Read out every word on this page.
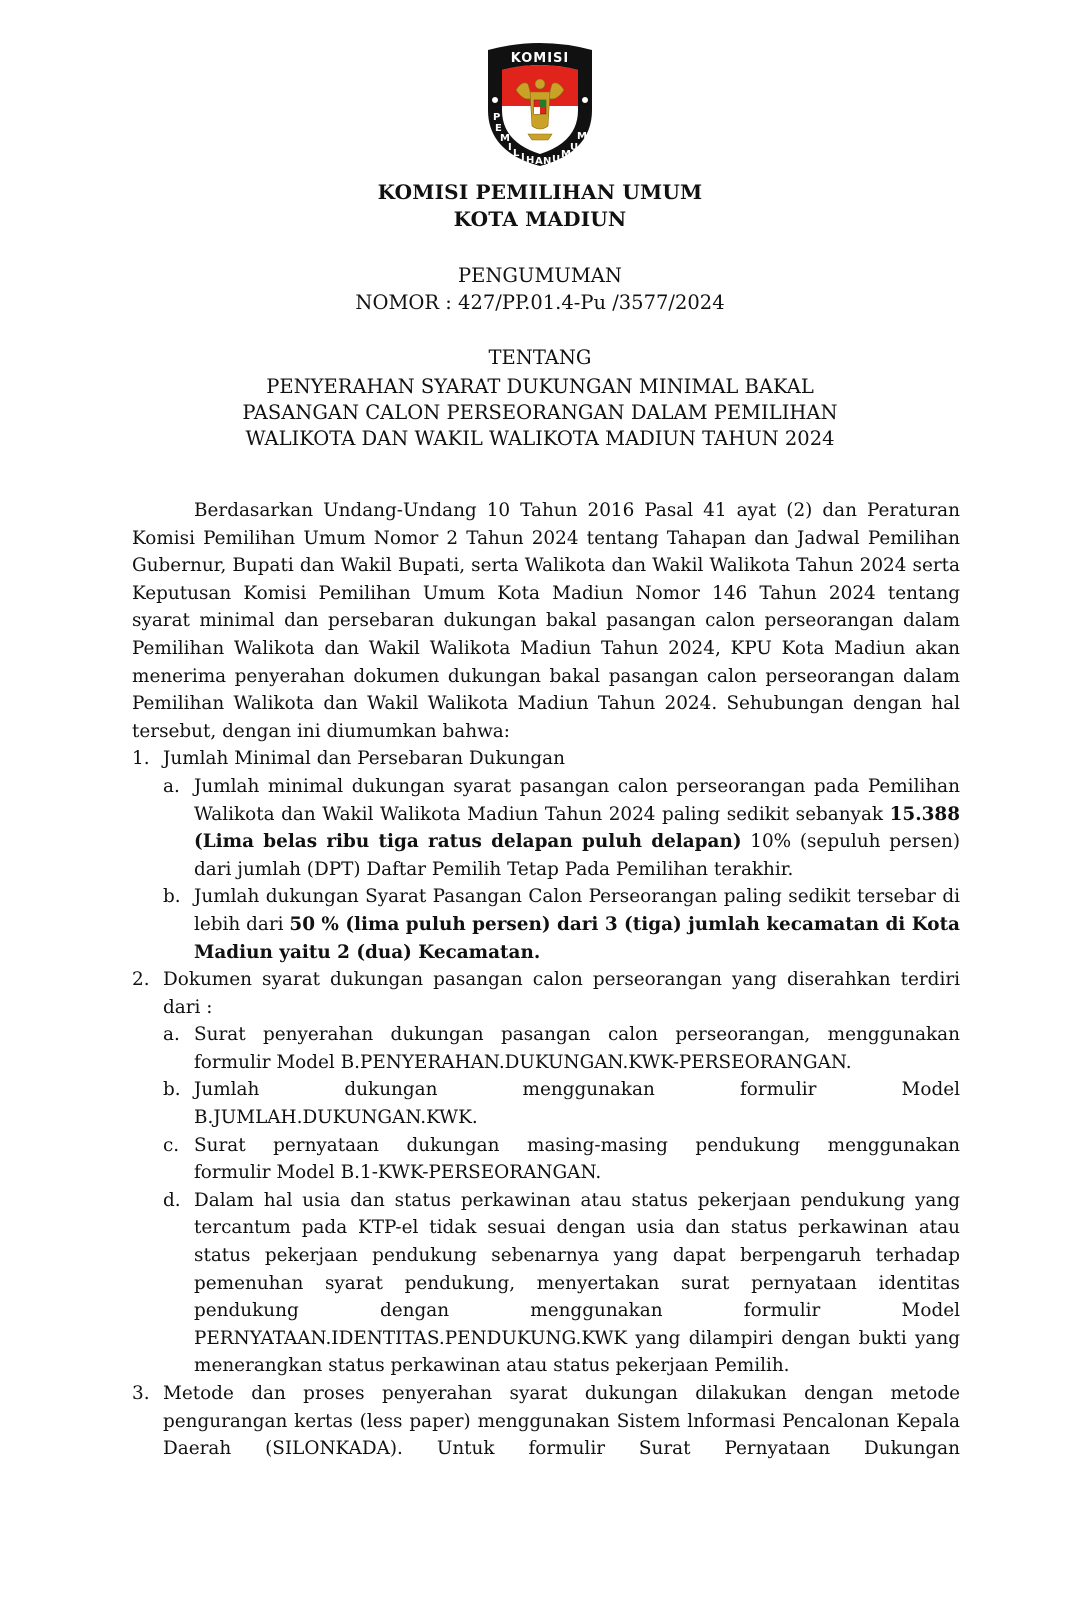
KOMISI
P E M IL IHANUMUM
KOMISI PEMILIHAN UMUM
KOTA MADIUN
PENGUMUMAN
NOMOR : 427/PP.01.4-Pu /3577/2024
TENTANG
PENYERAHAN SYARAT DUKUNGAN MINIMAL BAKAL
PASANGAN CALON PERSEORANGAN DALAM PEMILIHAN
WALIKOTA DAN WAKIL WALIKOTA MADIUN TAHUN 2024

Berdasarkan Undang-Undang 10 Tahun 2016 Pasal 41 ayat (2) dan Peraturan Komisi Pemilihan Umum Nomor 2 Tahun 2024 tentang Tahapan dan Jadwal Pemilihan Gubernur, Bupati dan Wakil Bupati, serta Walikota dan Wakil Walikota Tahun 2024 serta Keputusan Komisi Pemilihan Umum Kota Madiun Nomor 146 Tahun 2024 tentang syarat minimal dan persebaran dukungan bakal pasangan calon perseorangan dalam Pemilihan Walikota dan Wakil Walikota Madiun Tahun 2024, KPU Kota Madiun akan menerima penyerahan dokumen dukungan bakal pasangan calon perseorangan dalam Pemilihan Walikota dan Wakil Walikota Madiun Tahun 2024. Sehubungan dengan hal tersebut, dengan ini diumumkan bahwa:

1. Jumlah Minimal dan Persebaran Dukungan
a. Jumlah minimal dukungan syarat pasangan calon perseorangan pada Pemilihan Walikota dan Wakil Walikota Madiun Tahun 2024 paling sedikit sebanyak 15.388 (Lima belas ribu tiga ratus delapan puluh delapan) 10% (sepuluh persen) dari jumlah (DPT) Daftar Pemilih Tetap Pada Pemilihan terakhir.
b. Jumlah dukungan Syarat Pasangan Calon Perseorangan paling sedikit tersebar di lebih dari 50 % (lima puluh persen) dari 3 (tiga) jumlah kecamatan di Kota Madiun yaitu 2 (dua) Kecamatan.
2. Dokumen syarat dukungan pasangan calon perseorangan yang diserahkan terdiri dari :
a. Surat penyerahan dukungan pasangan calon perseorangan, menggunakan
formulir Model B.PENYERAHAN.DUKUNGAN.KWK-PERSEORANGAN.
b. Jumlah dukungan menggunakan formulir Model
B.JUMLAH.DUKUNGAN.KWK.
c. Surat pernyataan dukungan masing-masing pendukung menggunakan
formulir Model B.1-KWK-PERSEORANGAN.
d. Dalam hal usia dan status perkawinan atau status pekerjaan pendukung yang tercantum pada KTP-el tidak sesuai dengan usia dan status perkawinan atau status pekerjaan pendukung sebenarnya yang dapat berpengaruh terhadap pemenuhan syarat pendukung, menyertakan surat pernyataan identitas pendukung dengan menggunakan formulir Model PERNYATAAN.IDENTITAS.PENDUKUNG.KWK yang dilampiri dengan bukti yang menerangkan status perkawinan atau status pekerjaan Pemilih.
3. Metode dan proses penyerahan syarat dukungan dilakukan dengan metode pengurangan kertas (less paper) menggunakan Sistem lnformasi Pencalonan Kepala Daerah (SILONKADA). Untuk formulir Surat Pernyataan Dukungan
